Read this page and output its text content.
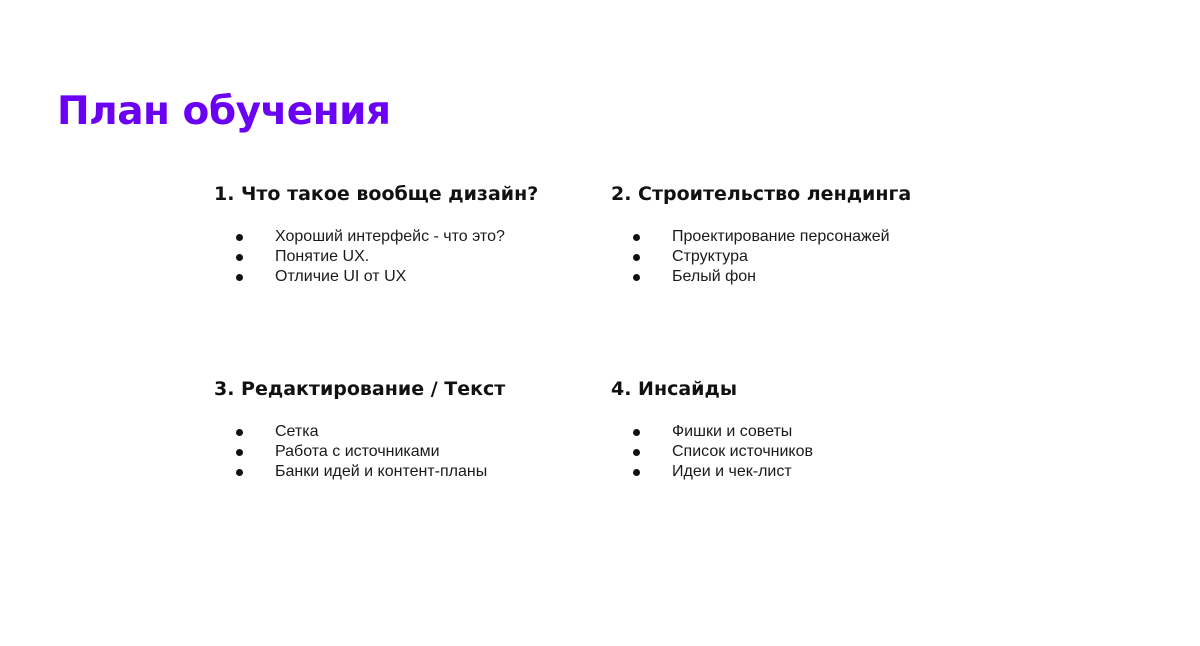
План обучения
1. Что такое вообще дизайн?
Хороший интерфейс - что это?
Понятие UX.
Отличие UI от UX
2. Строительство лендинга
Проектирование персонажей
Структура
Белый фон
3. Редактирование / Текст
Сетка
Работа с источниками
Банки идей и контент-планы
4. Инсайды
Фишки и советы
Список источников
Идеи и чек-лист
